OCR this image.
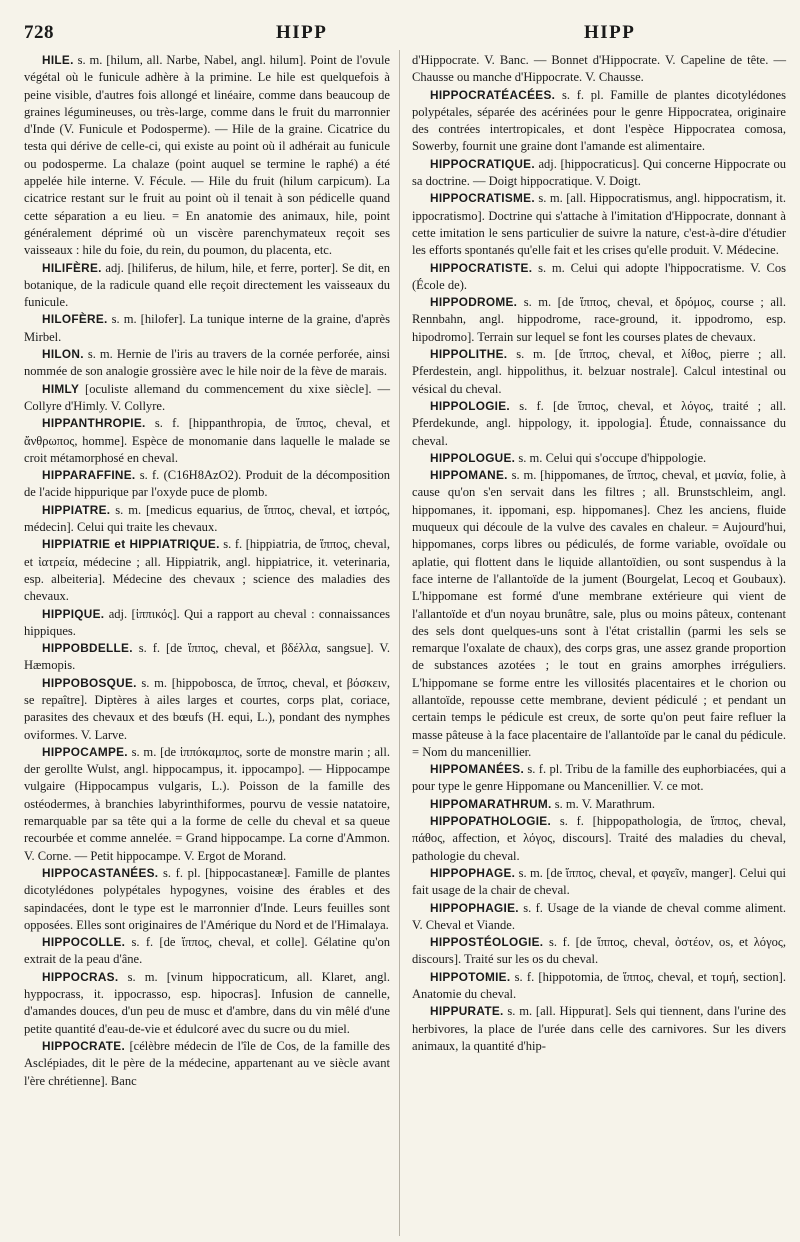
728	HIPP	HIPP

HILE. s. m. [hilum, all. Narbe, Nabel, angl. hilum]. Point de l'ovule végétal où le funicule adhère à la primine. Le hile est quelquefois à peine visible, d'autres fois allongé et linéaire, comme dans beaucoup de graines légumineuses, ou très-large, comme dans le fruit du marronnier d'Inde (V. Funicule et Podosperme). — Hile de la graine. Cicatrice du testa qui dérive de celle-ci, qui existe au point où il adhérait au funicule ou podosperme. La chalaze (point auquel se termine le raphé) a été appelée hile interne. V. Fécule. — Hile du fruit (hilum carpicum). La cicatrice restant sur le fruit au point où il tenait à son pédicelle quand cette séparation a eu lieu. = En anatomie des animaux, hile, point généralement déprimé où un viscère parenchymateux reçoit ses vaisseaux : hile du foie, du rein, du poumon, du placenta, etc.

HILIFÈRE. adj. [hiliferus, de hilum, hile, et ferre, porter]. Se dit, en botanique, de la radicule quand elle reçoit directement les vaisseaux du funicule.

HILOFÈRE. s. m. [hilofer]. La tunique interne de la graine, d'après Mirbel.

HILON. s. m. Hernie de l'iris au travers de la cornée perforée, ainsi nommée de son analogie grossière avec le hile noir de la fève de marais.

HIMLY [oculiste allemand du commencement du xixe siècle]. — Collyre d'Himly. V. Collyre.

HIPPANTHROPIE. s. f. [hippanthropia, de ἵππος, cheval, et ἄνθρωπος, homme]. Espèce de monomanie dans laquelle le malade se croit métamorphosé en cheval.

HIPPARAFFINE. s. f. (C16H8AzO2). Produit de la décomposition de l'acide hippurique par l'oxyde puce de plomb.

HIPPIATRE. s. m. [medicus equarius, de ἵππος, cheval, et ἰατρός, médecin]. Celui qui traite les chevaux.

HIPPIATRIE et HIPPIATRIQUE. s. f. [hippiatria, de ἵππος, cheval, et ἰατρεία, médecine ; all. Hippiatrik, angl. hippiatrice, it. veterinaria, esp. albeiteria]. Médecine des chevaux ; science des maladies des chevaux.

HIPPIQUE. adj. [ἱππικός]. Qui a rapport au cheval : connaissances hippiques.

HIPPOBDELLE. s. f. [de ἵππος, cheval, et βδέλλα, sangsue]. V. Hæmopis.

HIPPOBOSQUE. s. m. [hippobosca, de ἵππος, cheval, et βόσκειν, se repaître]. Diptères à ailes larges et courtes, corps plat, coriace, parasites des chevaux et des bœufs (H. equi, L.), pondant des nymphes oviformes. V. Larve.

HIPPOCAMPE. s. m. [de ἱππόκαμπος, sorte de monstre marin ; all. der gerollte Wulst, angl. hippocampus, it. ippocampo]. — Hippocampe vulgaire (Hippocampus vulgaris, L.). Poisson de la famille des ostéodermes, à branchies labyrinthiformes, pourvu de vessie natatoire, remarquable par sa tête qui a la forme de celle du cheval et sa queue recourbée et comme annelée. = Grand hippocampe. La corne d'Ammon. V. Corne. — Petit hippocampe. V. Ergot de Morand.

HIPPOCASTANÉES. s. f. pl. [hippocastaneæ]. Famille de plantes dicotylédones polypétales hypogynes, voisine des érables et des sapindacées, dont le type est le marronnier d'Inde. Leurs feuilles sont opposées. Elles sont originaires de l'Amérique du Nord et de l'Himalaya.

HIPPOCOLLE. s. f. [de ἵππος, cheval, et colle]. Gélatine qu'on extrait de la peau d'âne.

HIPPOCRAS. s. m. [vinum hippocraticum, all. Klaret, angl. hyppocrass, it. ippocrasso, esp. hipocras]. Infusion de cannelle, d'amandes douces, d'un peu de musc et d'ambre, dans du vin mêlé d'une petite quantité d'eau-de-vie et édulcoré avec du sucre ou du miel.

HIPPOCRATE. [célèbre médecin de l'île de Cos, de la famille des Asclépiades, dit le père de la médecine, appartenant au ve siècle avant l'ère chrétienne]. Banc

d'Hippocrate. V. Banc. — Bonnet d'Hippocrate. V. Capeline de tête. — Chausse ou manche d'Hippocrate. V. Chausse.

HIPPOCRATÉACÉES. s. f. pl. Famille de plantes dicotylédones polypétales, séparée des acérinées pour le genre Hippocratea, originaire des contrées intertropicales, et dont l'espèce Hippocratea comosa, Sowerby, fournit une graine dont l'amande est alimentaire.

HIPPOCRATIQUE. adj. [hippocraticus]. Qui concerne Hippocrate ou sa doctrine. — Doigt hippocratique. V. Doigt.

HIPPOCRATISME. s. m. [all. Hippocratismus, angl. hippocratism, it. ippocratismo]. Doctrine qui s'attache à l'imitation d'Hippocrate, donnant à cette imitation le sens particulier de suivre la nature, c'est-à-dire d'étudier les efforts spontanés qu'elle fait et les crises qu'elle produit. V. Médecine.

HIPPOCRATISTE. s. m. Celui qui adopte l'hippocratisme. V. Cos (École de).

HIPPODROME. s. m. [de ἵππος, cheval, et δρόμος, course ; all. Rennbahn, angl. hippodrome, race-ground, it. ippodromo, esp. hipodromo]. Terrain sur lequel se font les courses plates de chevaux.

HIPPOLITHE. s. m. [de ἵππος, cheval, et λίθος, pierre ; all. Pferdestein, angl. hippolithus, it. belzuar nostrale]. Calcul intestinal ou vésical du cheval.

HIPPOLOGIE. s. f. [de ἵππος, cheval, et λόγος, traité ; all. Pferdekunde, angl. hippology, it. ippologia]. Étude, connaissance du cheval.

HIPPOLOGUE. s. m. Celui qui s'occupe d'hippologie.

HIPPOMANE. s. m. [hippomanes, de ἵππος, cheval, et μανία, folie, à cause qu'on s'en servait dans les filtres ; all. Brunstschleim, angl. hippomanes, it. ippomani, esp. hippomanes]. Chez les anciens, fluide muqueux qui découle de la vulve des cavales en chaleur. = Aujourd'hui, hippomanes, corps libres ou pédiculés, de forme variable, ovoïdale ou aplatie, qui flottent dans le liquide allantoïdien, ou sont suspendus à la face interne de l'allantoïde de la jument (Bourgelat, Lecoq et Goubaux). L'hippomane est formé d'une membrane extérieure qui vient de l'allantoïde et d'un noyau brunâtre, sale, plus ou moins pâteux, contenant des sels dont quelques-uns sont à l'état cristallin (parmi les sels se remarque l'oxalate de chaux), des corps gras, une assez grande proportion de substances azotées ; le tout en grains amorphes irréguliers. L'hippomane se forme entre les villosités placentaires et le chorion ou allantoïde, repousse cette membrane, devient pédiculé ; et pendant un certain temps le pédicule est creux, de sorte qu'on peut faire refluer la masse pâteuse à la face placentaire de l'allantoïde par le canal du pédicule. = Nom du mancenillier.

HIPPOMANÉES. s. f. pl. Tribu de la famille des euphorbiacées, qui a pour type le genre Hippomane ou Mancenillier. V. ce mot.

HIPPOMARATHRUM. s. m. V. Marathrum.

HIPPOPATHOLOGIE. s. f. [hippopathologia, de ἵππος, cheval, πάθος, affection, et λόγος, discours]. Traité des maladies du cheval, pathologie du cheval.

HIPPOPHAGE. s. m. [de ἵππος, cheval, et φαγεῖν, manger]. Celui qui fait usage de la chair de cheval.

HIPPOPHAGIE. s. f. Usage de la viande de cheval comme aliment. V. Cheval et Viande.

HIPPOSTÉOLOGIE. s. f. [de ἵππος, cheval, ὀστέον, os, et λόγος, discours]. Traité sur les os du cheval.

HIPPOTOMIE. s. f. [hippotomia, de ἵππος, cheval, et τομή, section]. Anatomie du cheval.

HIPPURATE. s. m. [all. Hippurat]. Sels qui tiennent, dans l'urine des herbivores, la place de l'urée dans celle des carnivores. Sur les divers animaux, la quantité d'hip-
